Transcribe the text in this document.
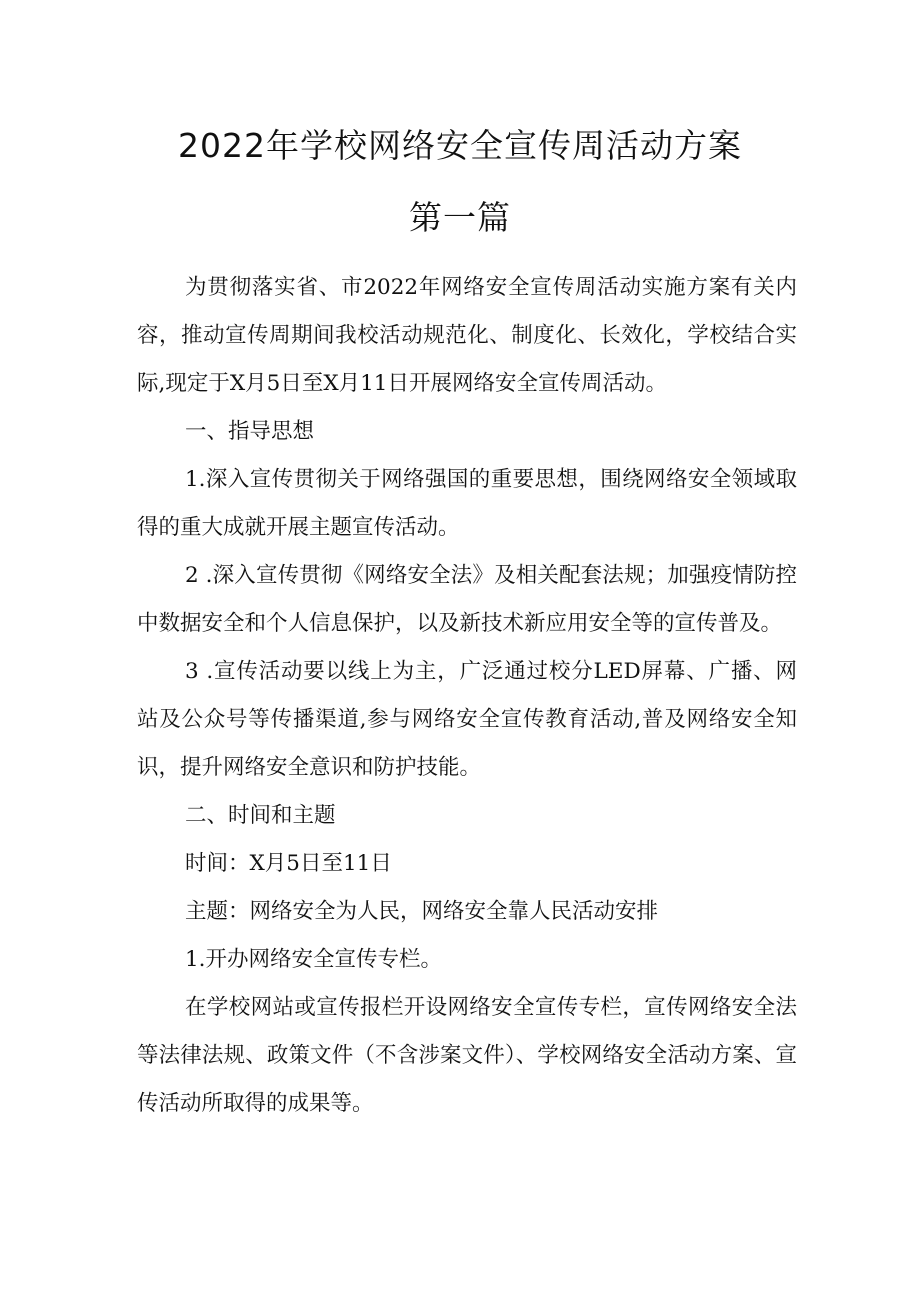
2022年学校网络安全宣传周活动方案
第一篇

为贯彻落实省、市2022年网络安全宣传周活动实施方案有关内容，推动宣传周期间我校活动规范化、制度化、长效化，学校结合实际,现定于X月5日至X月11日开展网络安全宣传周活动。

一、指导思想

1.深入宣传贯彻关于网络强国的重要思想，围绕网络安全领域取得的重大成就开展主题宣传活动。

2 .深入宣传贯彻《网络安全法》及相关配套法规；加强疫情防控中数据安全和个人信息保护，以及新技术新应用安全等的宣传普及。

3 .宣传活动要以线上为主，广泛通过校分LED屏幕、广播、网站及公众号等传播渠道,参与网络安全宣传教育活动,普及网络安全知识，提升网络安全意识和防护技能。

二、时间和主题

时间：X月5日至11日

主题：网络安全为人民，网络安全靠人民活动安排

1.开办网络安全宣传专栏。

在学校网站或宣传报栏开设网络安全宣传专栏，宣传网络安全法等法律法规、政策文件（不含涉案文件）、学校网络安全活动方案、宣传活动所取得的成果等。
